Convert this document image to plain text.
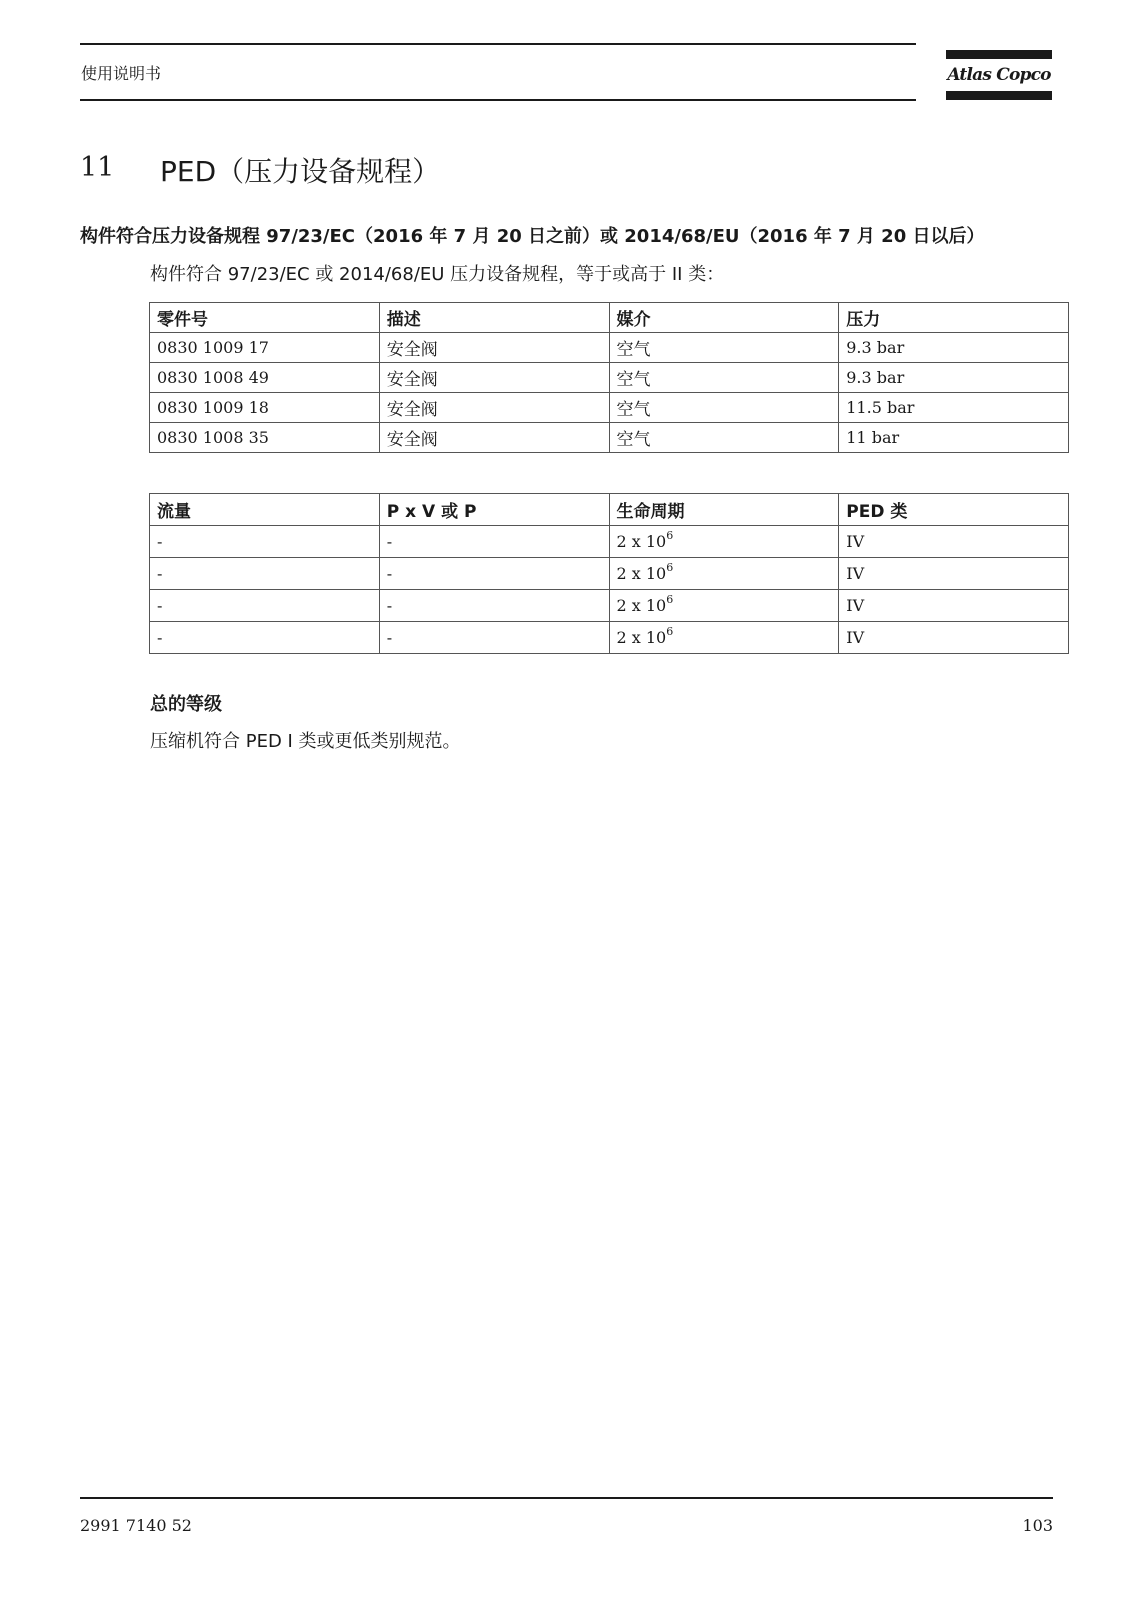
使用说明书	Atlas Copco
11 PED（压力设备规程）
构件符合压力设备规程 97/23/EC（2016 年 7 月 20 日之前）或 2014/68/EU（2016 年 7 月 20 日以后）
构件符合 97/23/EC 或 2014/68/EU 压力设备规程，等于或高于 II 类：
零件号	描述	媒介	压力
0830 1009 17	安全阀	空气	9.3 bar
0830 1008 49	安全阀	空气	9.3 bar
0830 1009 18	安全阀	空气	11.5 bar
0830 1008 35	安全阀	空气	11 bar
流量	P x V 或 P	生命周期	PED 类
-	-	2 x $10^6$	IV
-	-	2 x $10^6$	IV
-	-	2 x $10^6$	IV
-	-	2 x $10^6$	IV
总的等级
压缩机符合 PED I 类或更低类别规范。
2991 7140 52	103
